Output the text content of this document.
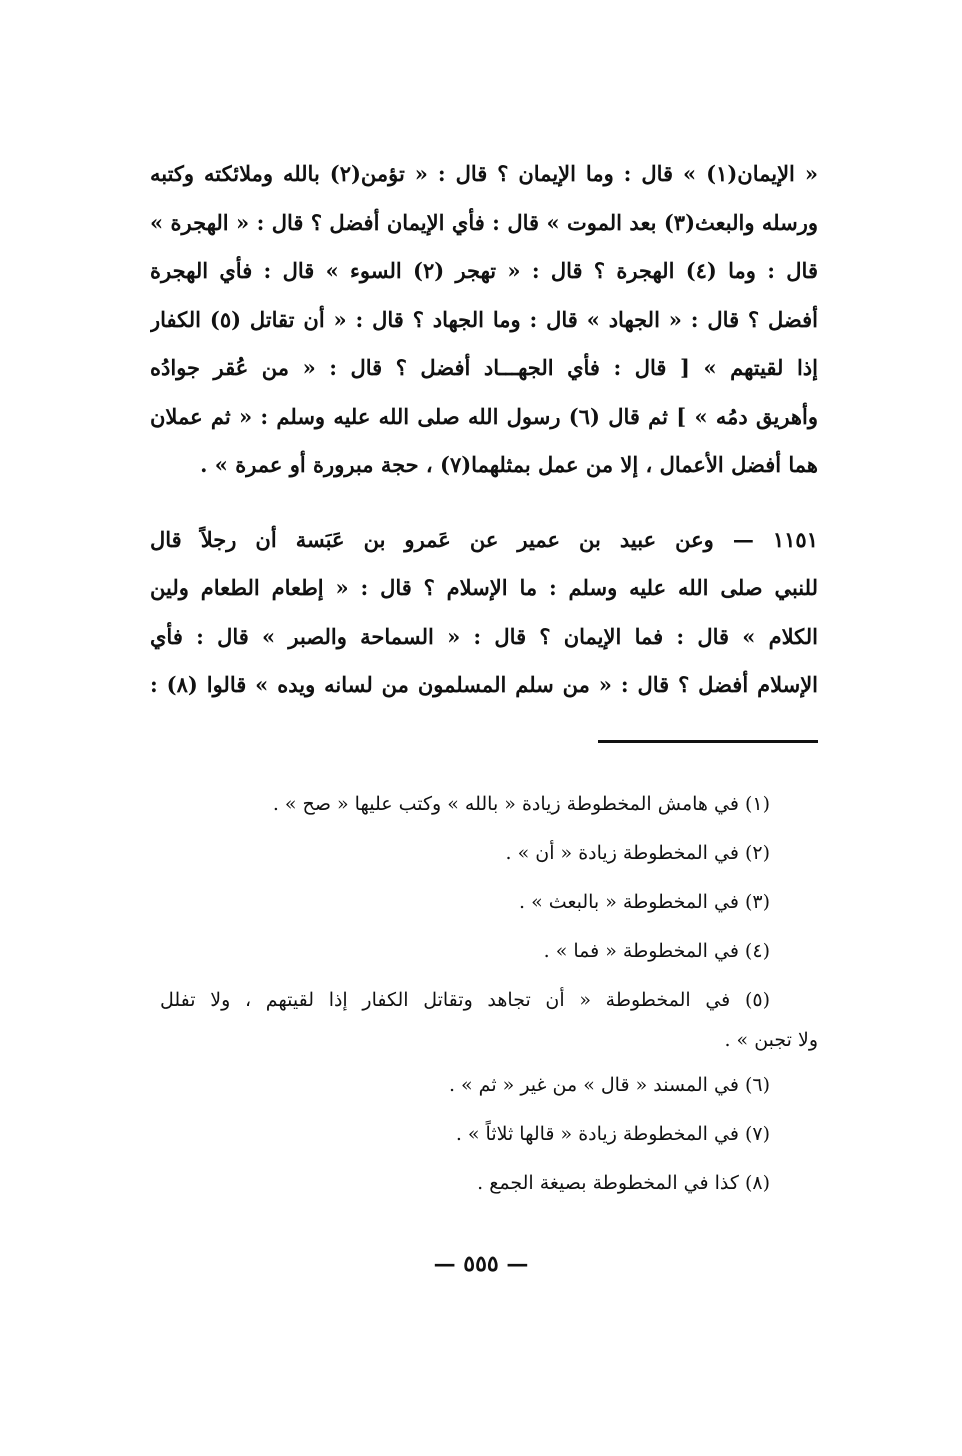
« الإيمان(١) » قال : وما الإيمان ؟ قال : « تؤمن(٢) بالله وملائكته وكتبه
ورسله والبعث(٣) بعد الموت » قال : فأي الإيمان أفضل ؟ قال : « الهجرة »
قال : وما (٤) الهجرة ؟ قال : « تهجر (٢) السوء » قال : فأي الهجرة
أفضل ؟ قال : « الجهاد » قال : وما الجهاد ؟ قال : « أن تقاتل (٥) الكفار
إذا لقيتهم » [ قال : فأي الجهـــاد أفضل ؟ قال : « من عُقر جوادُه
وأهريق دمُه » ] ثم قال (٦) رسول الله صلى الله عليه وسلم : « ثم عملان
هما أفضل الأعمال ، إلا من عمل بمثلهما(٧) ، حجة مبرورة أو عمرة » .
١١٥١ — وعن عبيد بن عمير عن عَمرو بن عَبَسة أن رجلاً قال
للنبي صلى الله عليه وسلم : ما الإسلام ؟ قال : « إطعام الطعام ولين
الكلام » قال : فما الإيمان ؟ قال : « السماحة والصبر » قال : فأي
الإسلام أفضل ؟ قال : « من سلم المسلمون من لسانه ويده » قالوا (٨) :
(١) في هامش المخطوطة زيادة « بالله » وكتب عليها « صح » .
(٢) في المخطوطة زيادة « أن » .
(٣) في المخطوطة « بالبعث » .
(٤) في المخطوطة « فما » .
(٥) في المخطوطة « أن تجاهد وتقاتل الكفار إذا لقيتهم ، ولا تفلل
ولا تجبن » .
(٦) في المسند « قال » من غير « ثم » .
(٧) في المخطوطة زيادة « قالها ثلاثاً » .
(٨) كذا في المخطوطة بصيغة الجمع .
— ٥٥٥ —
